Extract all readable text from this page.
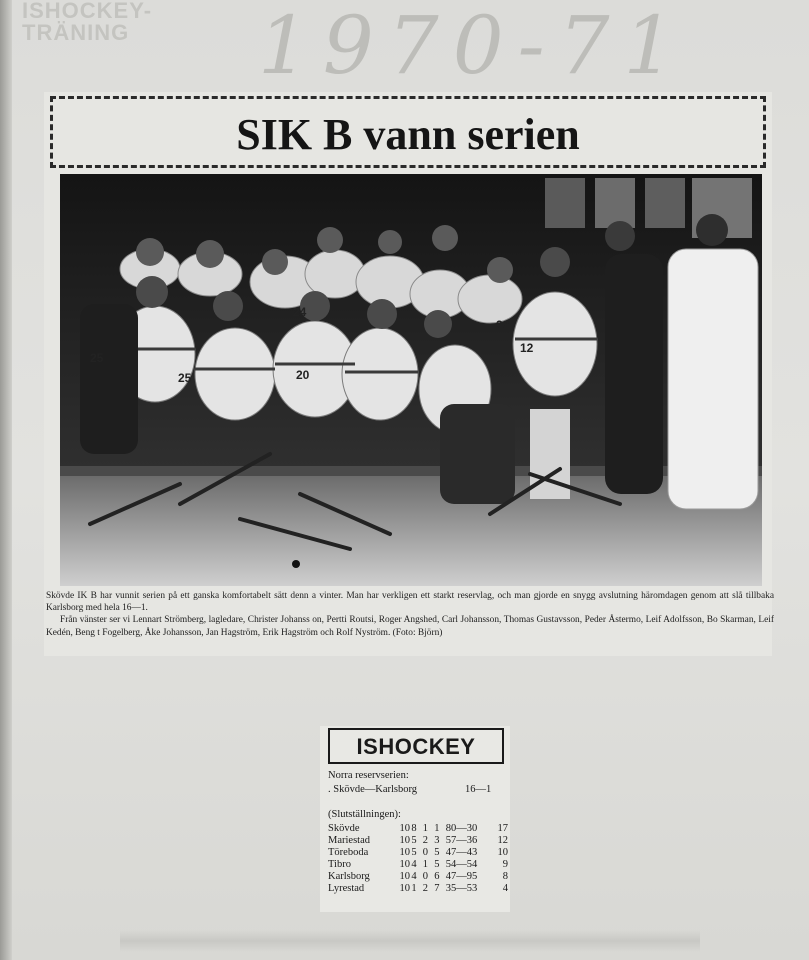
ISHOCKEY-
TRÄNING	1970-71
SIK B vann serien
24
25
25	20
22
12

Skövde IK B har vunnit serien på ett ganska komfortabelt sätt denn a vinter. Man har verkligen ett starkt reservlag, och man gjorde en snygg avslutning häromdagen genom att slå tillbaka Karlsborg med hela 16—1.

Från vänster ser vi Lennart Strömberg, lagledare, Christer Johanss on, Pertti Routsi, Roger Angshed, Carl Johansson, Thomas Gustavsson, Peder Åstermo, Leif Adolfsson, Bo Skarman, Leif Kedén, Beng t Fogelberg, Åke Johansson, Jan Hagström, Erik Hagström och Rolf Nyström. (Foto: Björn)

ISHOCKEY
Norra reservserien:
. Skövde—Karlsborg	16—1
(Slutställningen):
Skövde	10	8	1	1	80—30	17
Mariestad	10	5	2	3	57—36	12
Töreboda	10	5	0	5	47—43	10
Tibro	10	4	1	5	54—54	9
Karlsborg	10	4	0	6	47—95	8
Lyrestad	10	1	2	7	35—53	4
